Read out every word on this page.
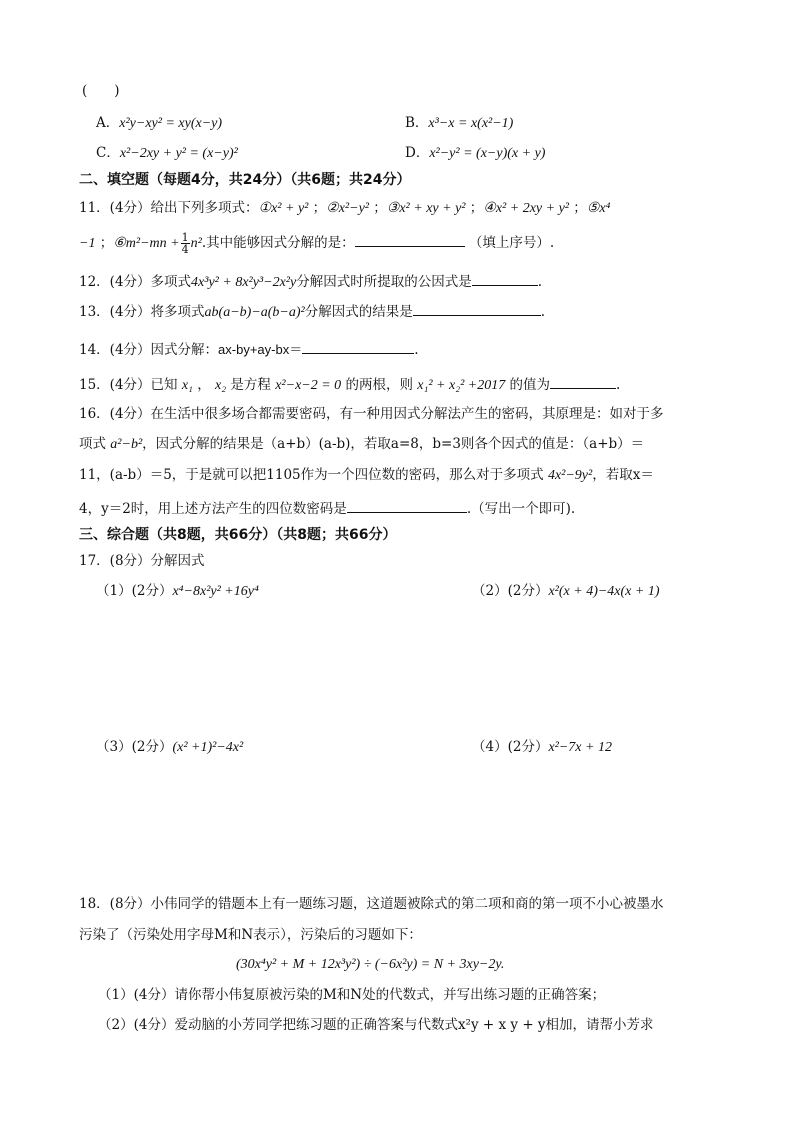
(　　)
A．x²y−xy² = xy(x−y)	B．x³−x = x(x²−1)
C．x²−2xy + y² = (x−y)²	D．x²−y² = (x−y)(x + y)
二、填空题（每题4分，共24分）（共6题；共24分）
11．(4分）给出下列多项式：①x² + y² ；②x²−y² ；③x² + xy + y² ；④x² + 2xy + y² ；⑤x⁴
−1 ；⑥m²−mn + $\frac{1}{4} n^2$.其中能够因式分解的是：	（填上序号）.
12．(4分）多项式4x³y² + 8x²y³−2x²y分解因式时所提取的公因式是	.
13．(4分）将多项式ab(a−b)−a(b−a)²分解因式的结果是	.
14．(4分）因式分解：ax-by+ay-bx＝	.
15．(4分）已知 x₁ ， x₂ 是方程 x²−x−2 = 0 的两根，则 x₁² + x₂² +2017 的值为	.
16．(4分）在生活中很多场合都需要密码，有一种用因式分解法产生的密码，其原理是：如对于多
项式 a²−b²，因式分解的结果是（a+b）(a-b)，若取a=8，b=3则各个因式的值是：（a+b）＝
11，(a-b）＝5，于是就可以把1105作为一个四位数的密码，那么对于多项式 4x²−9y²，若取x＝
4，y＝2时，用上述方法产生的四位数密码是	.（写出一个即可).
三、综合题（共8题，共66分）（共8题；共66分）
17．(8分）分解因式
（1）(2分）x⁴−8x²y² +16y⁴	（2）(2分）x²(x + 4)−4x(x + 1)
（3）(2分）(x² +1)²−4x²	（4）(2分）x²−7x + 12
18．(8分）小伟同学的错题本上有一题练习题，这道题被除式的第二项和商的第一项不小心被墨水
污染了（污染处用字母M和N表示），污染后的习题如下：
(30x⁴y² + M + 12x³y²) ÷ (−6x²y) = N + 3xy−2y.
（1）(4分）请你帮小伟复原被污染的M和N处的代数式，并写出练习题的正确答案；
（2）(4分）爱动脑的小芳同学把练习题的正确答案与代数式x²y + x y + y相加，请帮小芳求
